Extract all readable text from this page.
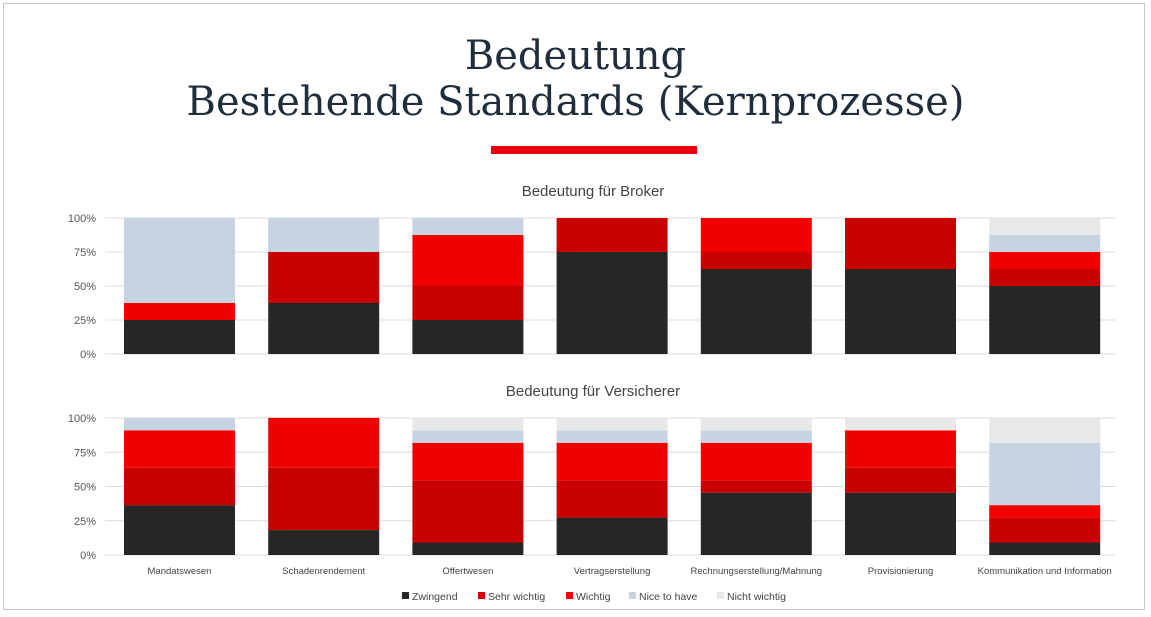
Bedeutung
Bestehende Standards (Kernprozesse)
Bedeutung für Broker
100%
75%
50%
25%
0%
Bedeutung für Versicherer
100%
75%
50%
25%
0%
Mandatswesen	Schadenrendement	Offertwesen	Vertragserstellung	Rechnungserstellung/Mahnung	Provisionierung	Kommunikation und Information
Zwingend	Sehr wichtig	Wichtig	Nice to have	Nicht wichtig
